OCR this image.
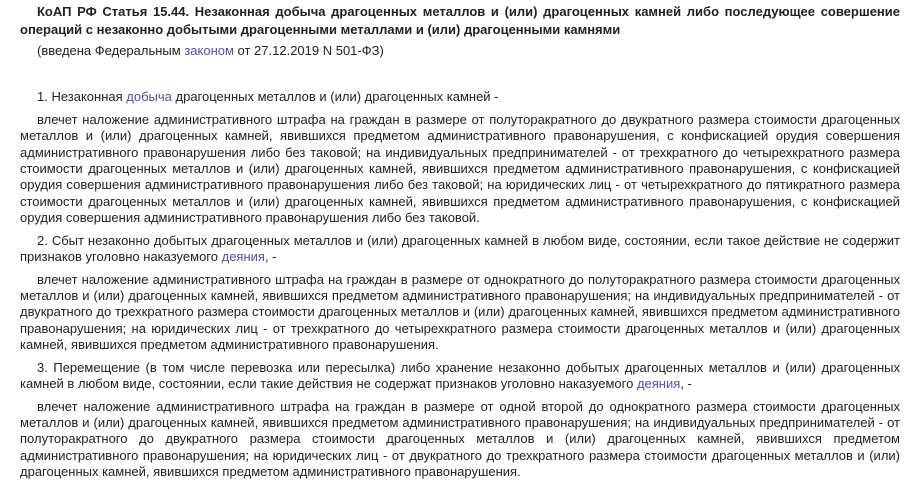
КоАП РФ Статья 15.44. Незаконная добыча драгоценных металлов и (или) драгоценных камней либо последующее совершение операций с незаконно добытыми драгоценными металлами и (или) драгоценными камнями

(введена Федеральным законом от 27.12.2019 N 501-ФЗ)

1. Незаконная добыча драгоценных металлов и (или) драгоценных камней -

влечет наложение административного штрафа на граждан в размере от полуторакратного до двукратного размера стоимости драгоценных металлов и (или) драгоценных камней, явившихся предметом административного правонарушения, с конфискацией орудия совершения административного правонарушения либо без таковой; на индивидуальных предпринимателей - от трехкратного до четырехкратного размера стоимости драгоценных металлов и (или) драгоценных камней, явившихся предметом административного правонарушения, с конфискацией орудия совершения административного правонарушения либо без таковой; на юридических лиц - от четырехкратного до пятикратного размера стоимости драгоценных металлов и (или) драгоценных камней, явившихся предметом административного правонарушения, с конфискацией орудия совершения административного правонарушения либо без таковой.

2. Сбыт незаконно добытых драгоценных металлов и (или) драгоценных камней в любом виде, состоянии, если такое действие не содержит признаков уголовно наказуемого деяния, -

влечет наложение административного штрафа на граждан в размере от однократного до полуторакратного размера стоимости драгоценных металлов и (или) драгоценных камней, явившихся предметом административного правонарушения; на индивидуальных предпринимателей - от двукратного до трехкратного размера стоимости драгоценных металлов и (или) драгоценных камней, явившихся предметом административного правонарушения; на юридических лиц - от трехкратного до четырехкратного размера стоимости драгоценных металлов и (или) драгоценных камней, явившихся предметом административного правонарушения.

3. Перемещение (в том числе перевозка или пересылка) либо хранение незаконно добытых драгоценных металлов и (или) драгоценных камней в любом виде, состоянии, если такие действия не содержат признаков уголовно наказуемого деяния, -

влечет наложение административного штрафа на граждан в размере от одной второй до однократного размера стоимости драгоценных металлов и (или) драгоценных камней, явившихся предметом административного правонарушения; на индивидуальных предпринимателей - от полуторакратного до двукратного размера стоимости драгоценных металлов и (или) драгоценных камней, явившихся предметом административного правонарушения; на юридических лиц - от двукратного до трехкратного размера стоимости драгоценных металлов и (или) драгоценных камней, явившихся предметом административного правонарушения.
